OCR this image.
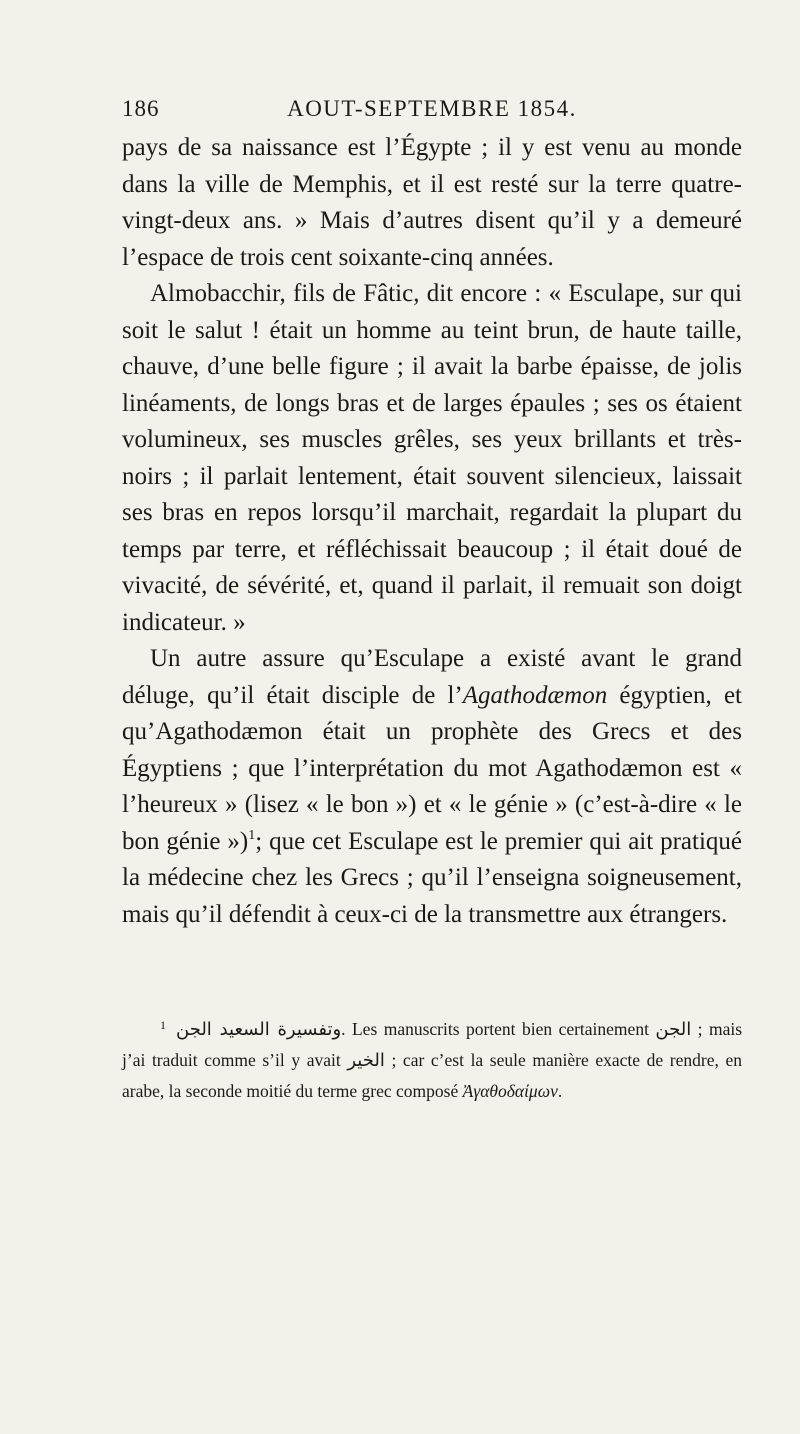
186	AOUT-SEPTEMBRE 1854.

pays de sa naissance est l’Égypte ; il y est venu au monde dans la ville de Memphis, et il est resté sur la terre quatre-vingt-deux ans. » Mais d’autres disent qu’il y a demeuré l’espace de trois cent soixante-cinq années.

Almobacchir, fils de Fâtic, dit encore : « Esculape, sur qui soit le salut ! était un homme au teint brun, de haute taille, chauve, d’une belle figure ; il avait la barbe épaisse, de jolis linéaments, de longs bras et de larges épaules ; ses os étaient volumineux, ses muscles grêles, ses yeux brillants et très-noirs ; il parlait lentement, était souvent silencieux, laissait ses bras en repos lorsqu’il marchait, regardait la plupart du temps par terre, et réfléchissait beaucoup ; il était doué de vivacité, de sévérité, et, quand il parlait, il remuait son doigt indicateur. »

Un autre assure qu’Esculape a existé avant le grand déluge, qu’il était disciple de l’Agathodæmon égyptien, et qu’Agathodæmon était un prophète des Grecs et des Égyptiens ; que l’interprétation du mot Agathodæmon est « l’heureux » (lisez « le bon ») et « le génie » (c’est-à-dire « le bon génie »)$^1$; que cet Esculape est le premier qui ait pratiqué la médecine chez les Grecs ; qu’il l’enseigna soigneusement, mais qu’il défendit à ceux-ci de la transmettre aux étrangers.

$^1$ وتفسيرة السعيد الجن. Les manuscrits portent bien certainement الجن ; mais j’ai traduit comme s’il y avait الخير ; car c’est la seule manière exacte de rendre, en arabe, la seconde moitié du terme grec composé Ἀγαθοδαίμων.
